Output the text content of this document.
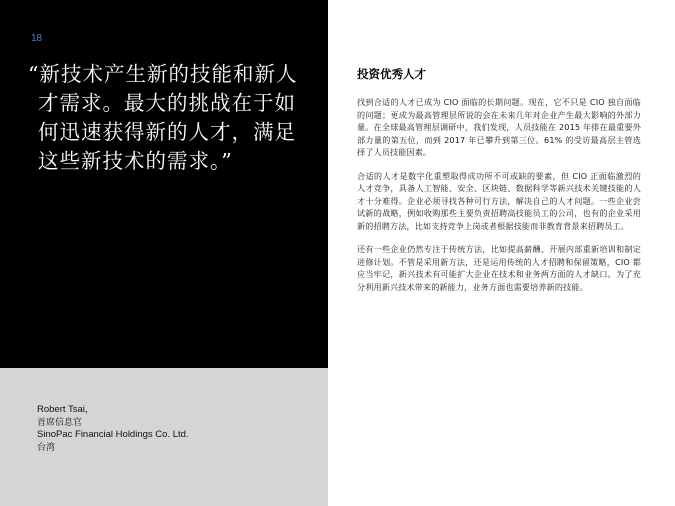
18
“新技术产生新的技能和新人
才需求。最大的挑战在于如
何迅速获得新的人才，满足
这些新技术的需求。”
Robert Tsai，
首席信息官
SinoPac Financial Holdings Co. Ltd.
台湾
投资优秀人才

找到合适的人才已成为 CIO 面临的长期问题。现在，它不只是 CIO 独自面临的问题；更成为最高管理层所说的会在未来几年对企业产生最大影响的外部力量。在全球最高管理层调研中，我们发现，人员技能在 2015 年排在最重要外部力量的第五位，而到 2017 年已攀升到第三位。61% 的受访最高层主管选择了人员技能因素。

合适的人才是数字化重塑取得成功所不可或缺的要素，但 CIO 正面临激烈的人才竞争，具备人工智能、安全、区块链、数据科学等新兴技术关键技能的人才十分难得。企业必须寻找各种可行方法，解决自己的人才问题。一些企业尝试新的战略，例如收购那些主要负责招聘高技能员工的公司，也有的企业采用新的招聘方法，比如支持竞争上岗或者根据技能而非教育背景来招聘员工。

还有一些企业仍然专注于传统方法，比如提高薪酬、开展内部重新培训和制定进修计划。不管是采用新方法，还是运用传统的人才招聘和保留策略，CIO 都应当牢记，新兴技术有可能扩大企业在技术和业务两方面的人才缺口。为了充分利用新兴技术带来的新能力，业务方面也需要培养新的技能。
